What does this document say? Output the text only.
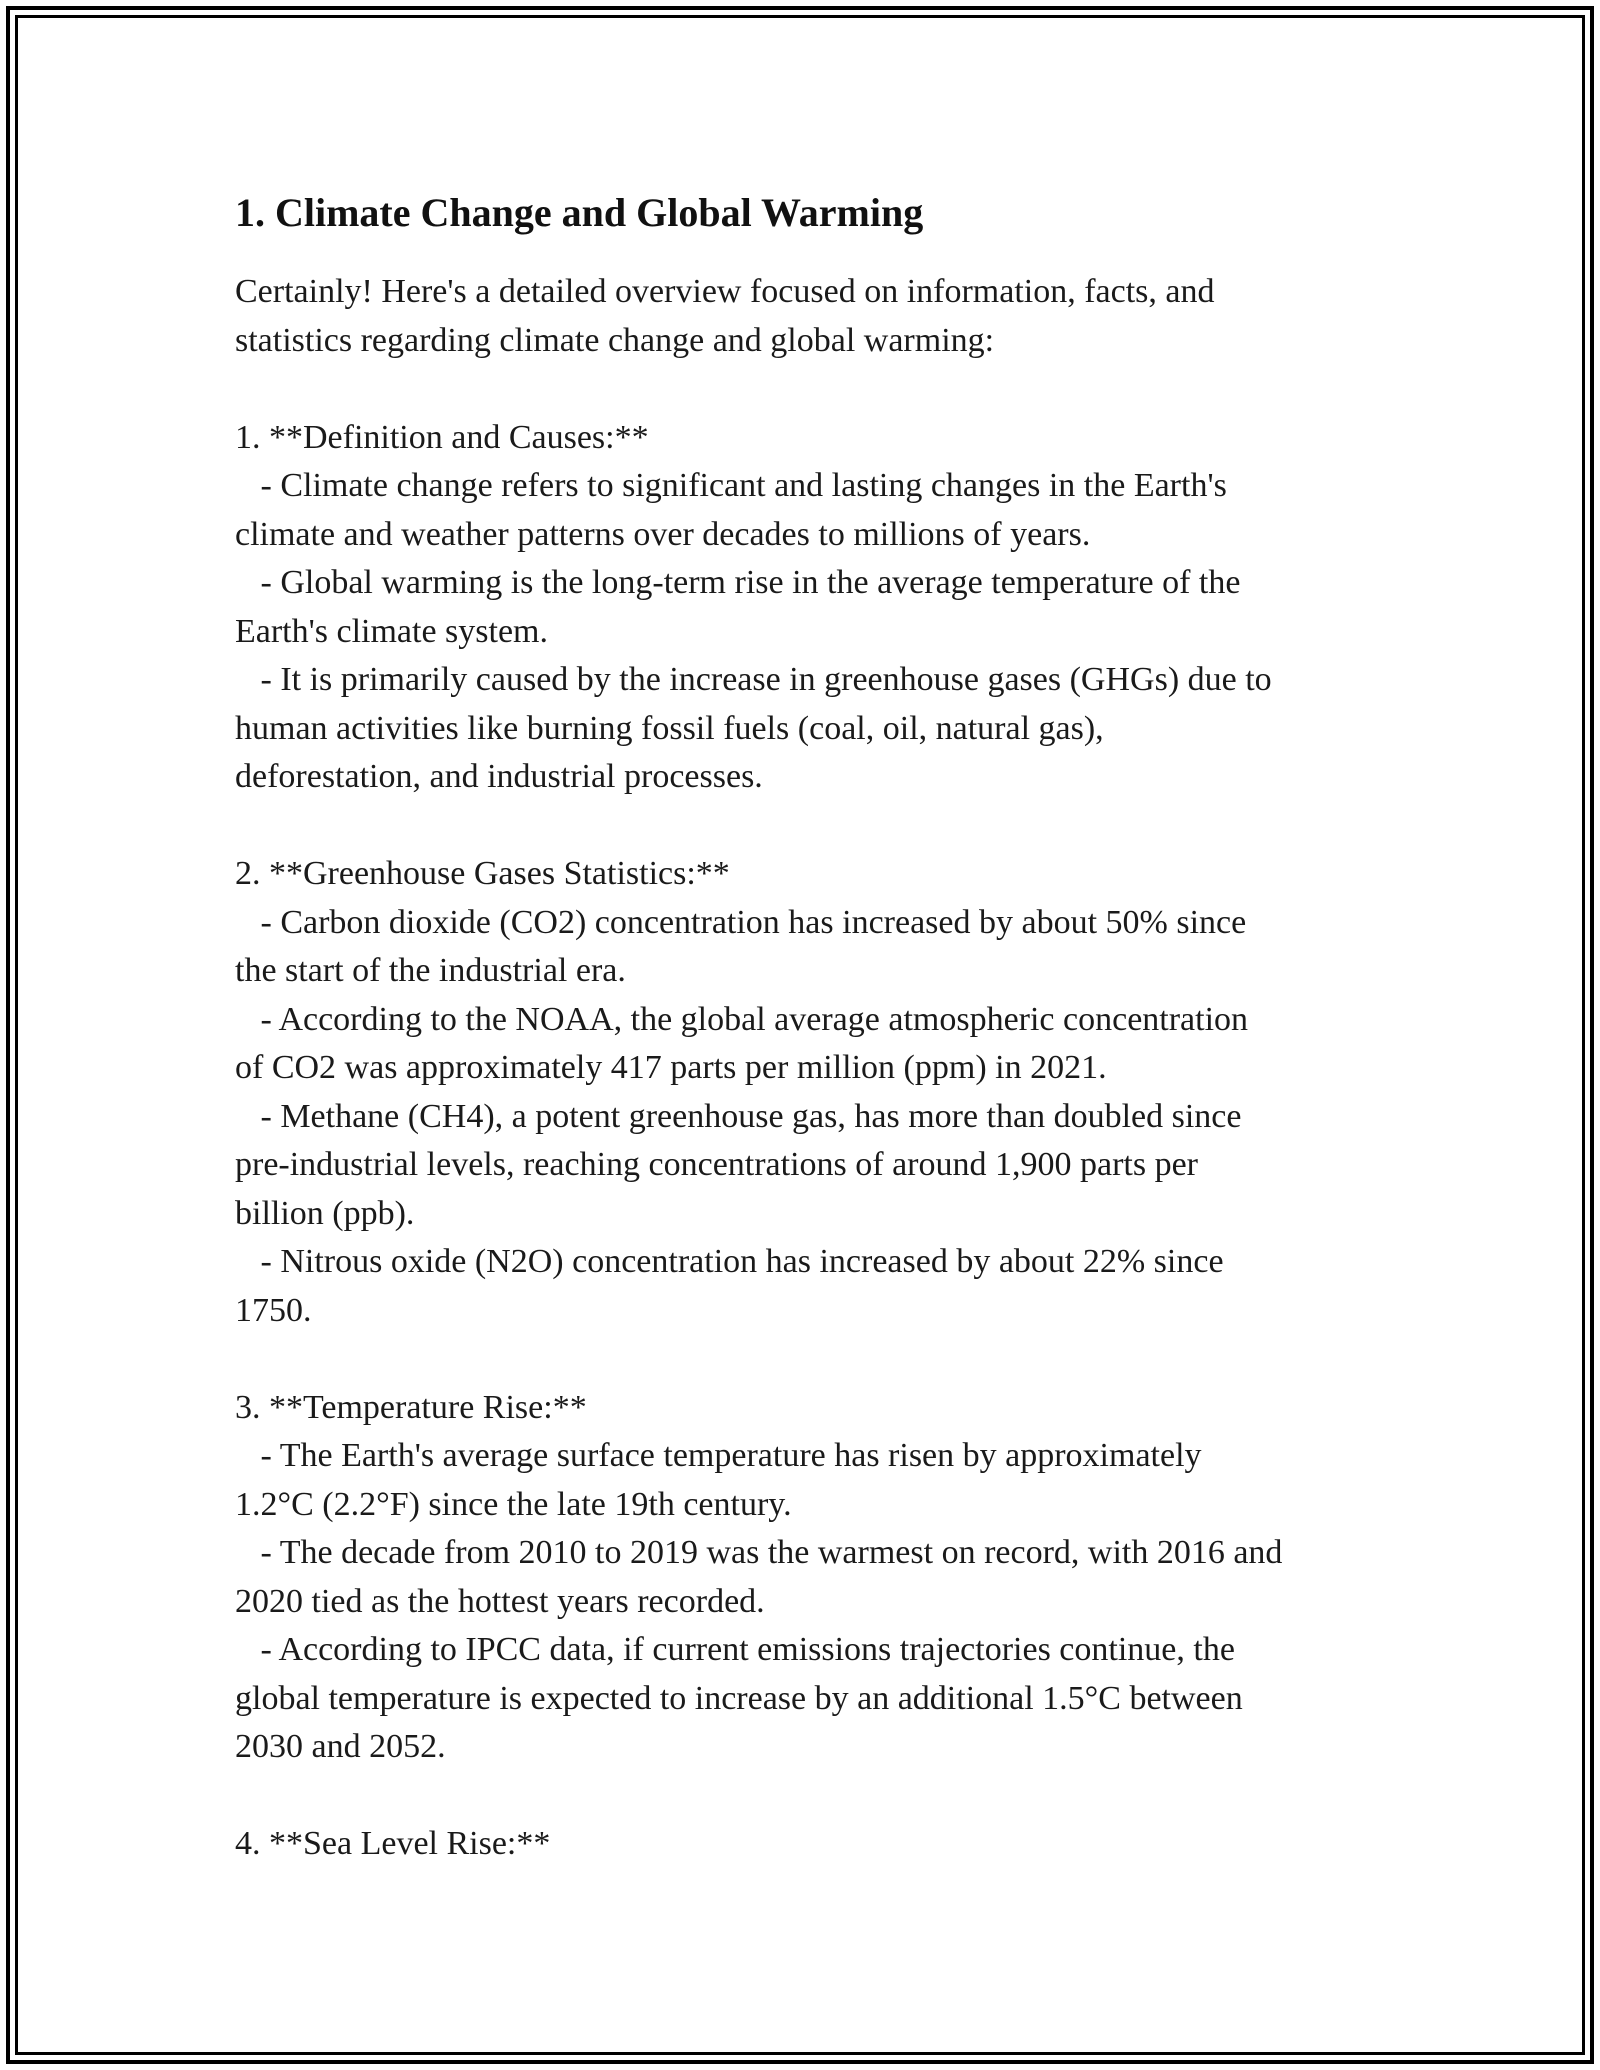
1. Climate Change and Global Warming
Certainly! Here's a detailed overview focused on information, facts, and
statistics regarding climate change and global warming:

1. **Definition and Causes:**
- Climate change refers to significant and lasting changes in the Earth's
climate and weather patterns over decades to millions of years.
- Global warming is the long-term rise in the average temperature of the
Earth's climate system.
- It is primarily caused by the increase in greenhouse gases (GHGs) due to
human activities like burning fossil fuels (coal, oil, natural gas),
deforestation, and industrial processes.

2. **Greenhouse Gases Statistics:**
- Carbon dioxide (CO2) concentration has increased by about 50% since
the start of the industrial era.
- According to the NOAA, the global average atmospheric concentration
of CO2 was approximately 417 parts per million (ppm) in 2021.
- Methane (CH4), a potent greenhouse gas, has more than doubled since
pre-industrial levels, reaching concentrations of around 1,900 parts per
billion (ppb).
- Nitrous oxide (N2O) concentration has increased by about 22% since
1750.

3. **Temperature Rise:**
- The Earth's average surface temperature has risen by approximately
1.2°C (2.2°F) since the late 19th century.
- The decade from 2010 to 2019 was the warmest on record, with 2016 and
2020 tied as the hottest years recorded.
- According to IPCC data, if current emissions trajectories continue, the
global temperature is expected to increase by an additional 1.5°C between
2030 and 2052.

4. **Sea Level Rise:**
